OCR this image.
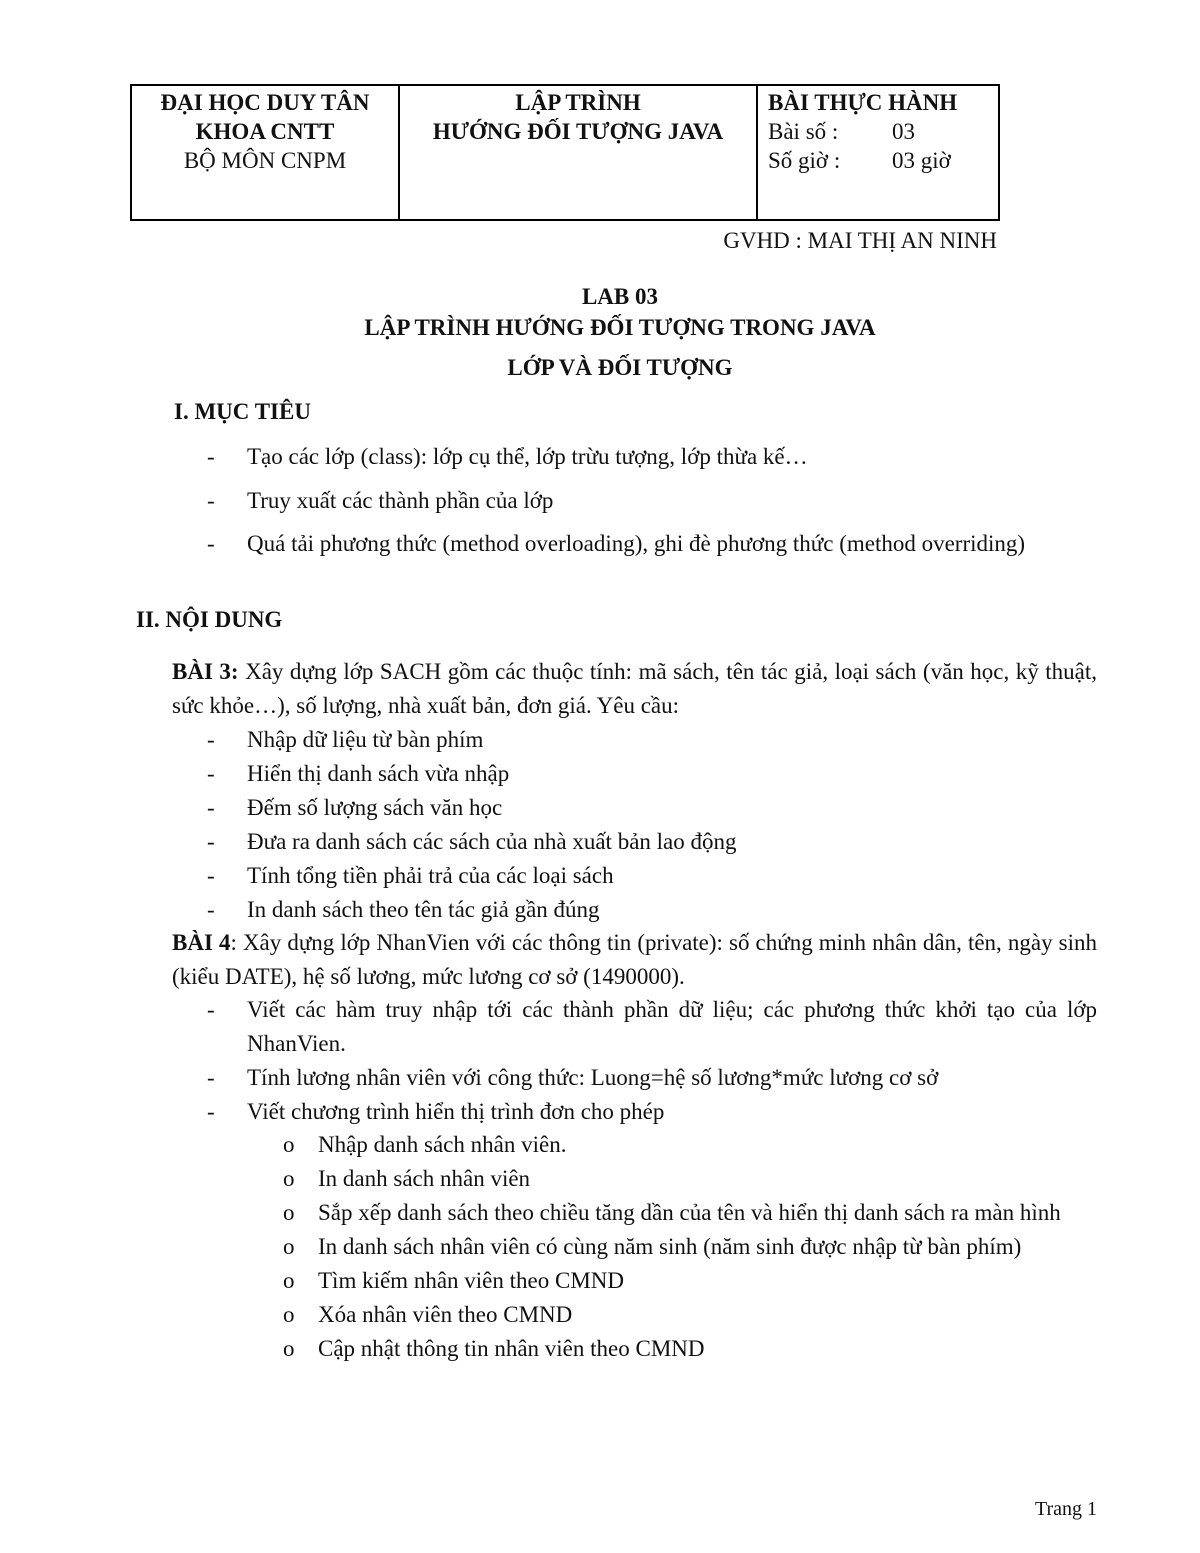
ĐẠI HỌC DUY TÂN
KHOA CNTT
BỘ MÔN CNPM
LẬP TRÌNH
HƯỚNG ĐỐI TƯỢNG JAVA
BÀI THỰC HÀNH
Bài số :	03
Số giờ :	03 giờ
GVHD : MAI THỊ AN NINH
LAB 03
LẬP TRÌNH HƯỚNG ĐỐI TƯỢNG TRONG JAVA
LỚP VÀ ĐỐI TƯỢNG
I. MỤC TIÊU
- Tạo các lớp (class): lớp cụ thể, lớp trừu tượng, lớp thừa kế…
- Truy xuất các thành phần của lớp
- Quá tải phương thức (method overloading), ghi đè phương thức (method overriding)
II. NỘI DUNG
BÀI 3: Xây dựng lớp SACH gồm các thuộc tính: mã sách, tên tác giả, loại sách (văn học, kỹ thuật, sức khỏe…), số lượng, nhà xuất bản, đơn giá. Yêu cầu:
- Nhập dữ liệu từ bàn phím
- Hiển thị danh sách vừa nhập
- Đếm số lượng sách văn học
- Đưa ra danh sách các sách của nhà xuất bản lao động
- Tính tổng tiền phải trả của các loại sách
- In danh sách theo tên tác giả gần đúng
BÀI 4: Xây dựng lớp NhanVien với các thông tin (private): số chứng minh nhân dân, tên, ngày sinh (kiểu DATE), hệ số lương, mức lương cơ sở (1490000).
- Viết các hàm truy nhập tới các thành phần dữ liệu; các phương thức khởi tạo của lớp NhanVien.
- Tính lương nhân viên với công thức: Luong=hệ số lương*mức lương cơ sở
- Viết chương trình hiển thị trình đơn cho phép
o Nhập danh sách nhân viên.
o In danh sách nhân viên
o Sắp xếp danh sách theo chiều tăng dần của tên và hiển thị danh sách ra màn hình
o In danh sách nhân viên có cùng năm sinh (năm sinh được nhập từ bàn phím)
o Tìm kiếm nhân viên theo CMND
o Xóa nhân viên theo CMND
o Cập nhật thông tin nhân viên theo CMND
Trang 1
